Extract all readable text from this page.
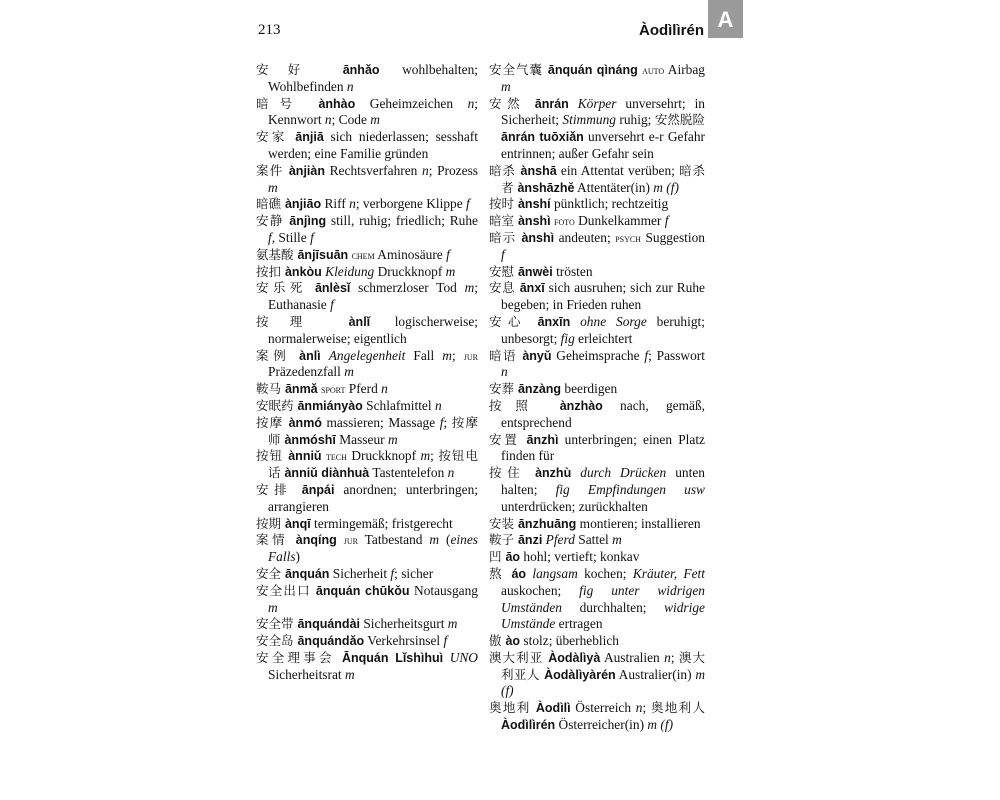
213	Àodìlìrén A

安好 ānhǎo wohlbehalten; Wohlbefinden n

暗号 ànhào Geheimzeichen n; Kennwort n; Code m

安家 ānjiā sich niederlassen; sesshaft werden; eine Familie gründen

案件 ànjiàn Rechtsverfahren n; Prozess m

暗礁 ànjiāo Riff n; verborgene Klippe f

安静 ānjìng still, ruhig; friedlich; Ruhe f, Stille f

氨基酸 ānjīsuān chem Aminosäure f

按扣 ànkòu Kleidung Druckknopf m

安乐死 ānlèsǐ schmerzloser Tod m; Euthanasie f

按理 ànlǐ logischerweise; normalerweise; eigentlich

案例 ànlì Angelegenheit Fall m; jur Präzedenzfall m

鞍马 ānmǎ sport Pferd n

安眠药 ānmiányào Schlafmittel n

按摩 ànmó massieren; Massage f; 按摩师 ànmóshī Masseur m

按钮 ànniǔ tech Druckknopf m; 按钮电话 ànniǔ diànhuà Tastentelefon n

安排 ānpái anordnen; unterbringen; arrangieren

按期 ànqī termingemäß; fristgerecht

案情 ànqíng jur Tatbestand m (eines Falls)

安全 ānquán Sicherheit f; sicher

安全出口 ānquán chūkǒu Notausgang m

安全带 ānquándài Sicherheitsgurt m

安全岛 ānquándǎo Verkehrsinsel f

安全理事会 Ānquán Lǐshìhuì UNO Sicherheitsrat m

安全气囊 ānquán qìnáng auto Airbag m

安然 ānrán Körper unversehrt; in Sicherheit; Stimmung ruhig; 安然脱险 ānrán tuōxiǎn unversehrt e-r Gefahr entrinnen; außer Gefahr sein

暗杀 ànshā ein Attentat verüben; 暗杀者 ànshāzhě Attentäter(in) m (f)

按时 ànshí pünktlich; rechtzeitig

暗室 ànshì foto Dunkelkammer f

暗示 ànshì andeuten; psych Suggestion f

安慰 ānwèi trösten

安息 ānxī sich ausruhen; sich zur Ruhe begeben; in Frieden ruhen

安心 ānxīn ohne Sorge beruhigt; unbesorgt; fig erleichtert

暗语 ànyǔ Geheimsprache f; Passwort n

安葬 ānzàng beerdigen

按照 ànzhào nach, gemäß, entsprechend

安置 ānzhì unterbringen; einen Platz finden für

按住 ànzhù durch Drücken unten halten; fig Empfindungen usw unterdrücken; zurückhalten

安装 ānzhuāng montieren; installieren

鞍子 ānzi Pferd Sattel m

凹 āo hohl; vertieft; konkav

熬 áo langsam kochen; Kräuter, Fett auskochen; fig unter widrigen Umständen durchhalten; widrige Umstände ertragen

傲 ào stolz; überheblich

澳大利亚 Àodàlìyà Australien n; 澳大利亚人 Àodàlìyàrén Australier(in) m (f)

奥地利 Àodìlì Österreich n; 奥地利人 Àodìlìrén Österreicher(in) m (f)
